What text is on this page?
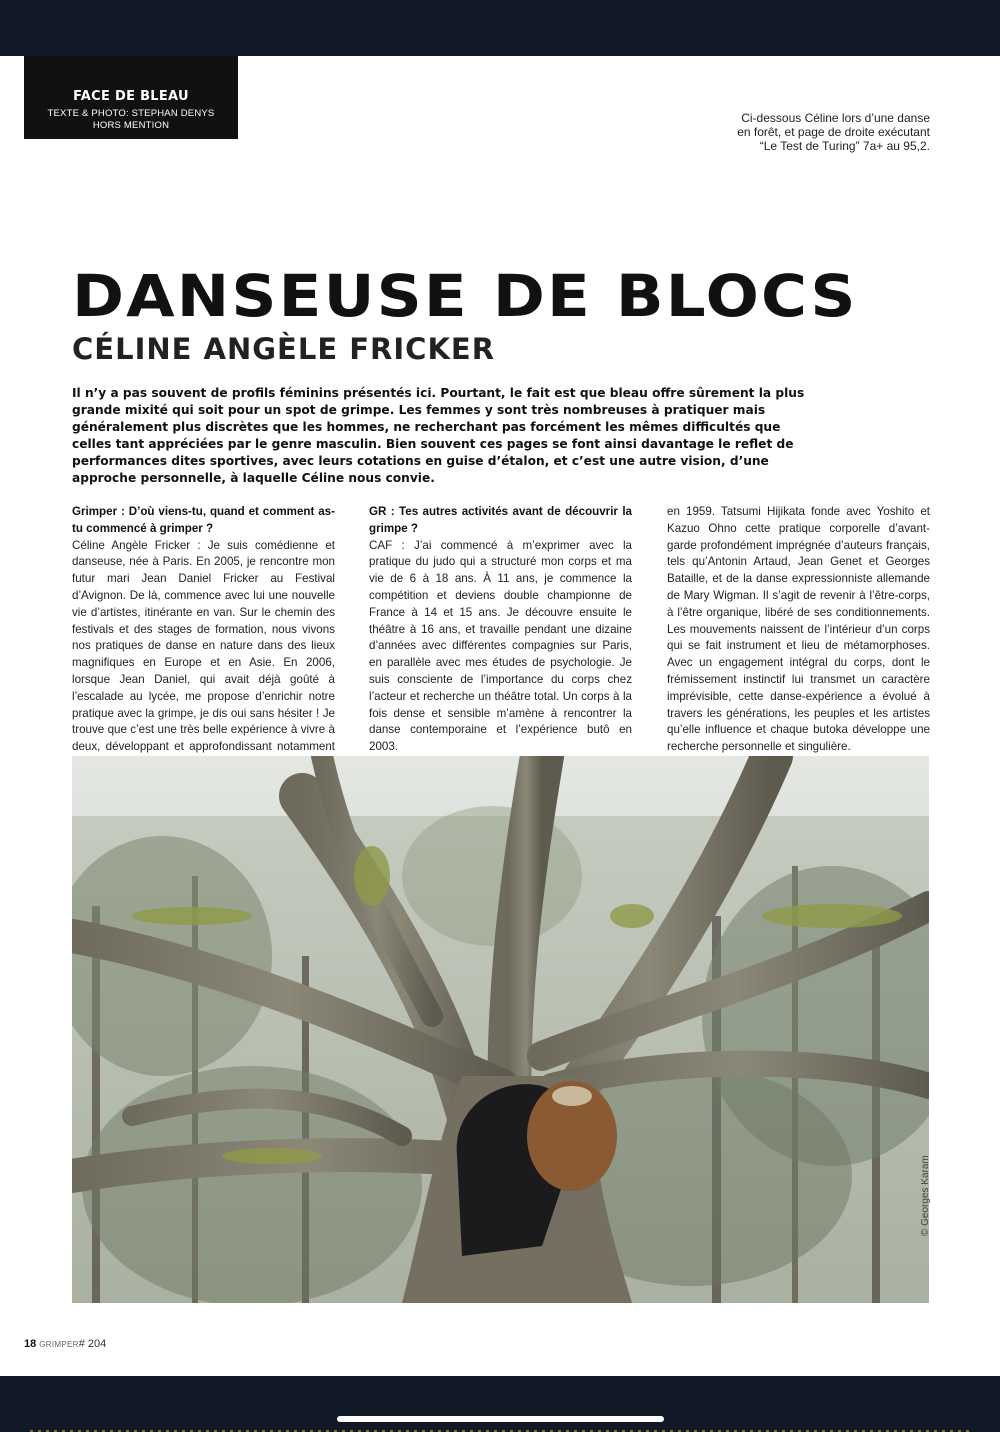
FACE DE BLEAU
TEXTE & PHOTO: STEPHAN DENYS
HORS MENTION
Ci-dessous Céline lors d’une danse
en forêt, et page de droite exécutant
“Le Test de Turing” 7a+ au 95,2.
DANSEUSE DE BLOCS
CÉLINE ANGÈLE FRICKER

Il n’y a pas souvent de profils féminins présentés ici. Pourtant, le fait est que bleau offre sûrement la plus grande mixité qui soit pour un spot de grimpe. Les femmes y sont très nombreuses à pratiquer mais généralement plus discrètes que les hommes, ne recherchant pas forcément les mêmes difficultés que celles tant appréciées par le genre masculin. Bien souvent ces pages se font ainsi davantage le reflet de performances dites sportives, avec leurs cotations en guise d’étalon, et c’est une autre vision, d’une approche personnelle, à laquelle Céline nous convie.

Grimper : D’où viens-tu, quand et comment as-tu commencé à grimper ?

Céline Angèle Fricker : Je suis comédienne et danseuse, née à Paris. En 2005, je rencontre mon futur mari Jean Daniel Fricker au Festival d’Avignon. De là, commence avec lui une nouvelle vie d’artistes, itinérante en van. Sur le chemin des festivals et des stages de formation, nous vivons nos pratiques de danse en nature dans des lieux magnifiques en Europe et en Asie. En 2006, lorsque Jean Daniel, qui avait déjà goûté à l’escalade au lycée, me propose d’enrichir notre pratique avec la grimpe, je dis oui sans hésiter ! Je trouve que c’est une très belle expérience à vivre à deux, développant et approfondissant notamment

GR : Tes autres activités avant de découvrir la grimpe ?

CAF : J’ai commencé à m’exprimer avec la pratique du judo qui a structuré mon corps et ma vie de 6 à 18 ans. À 11 ans, je commence la compétition et deviens double championne de France à 14 et 15 ans. Je découvre ensuite le théâtre à 16 ans, et travaille pendant une dizaine d’années avec différentes compagnies sur Paris, en parallèle avec mes études de psychologie. Je suis consciente de l’importance du corps chez l’acteur et recherche un théâtre total. Un corps à la fois dense et sensible m’amène à rencontrer la danse contemporaine et l’expérience butô en 2003.

en 1959. Tatsumi Hijikata fonde avec Yoshito et Kazuo Ohno cette pratique corporelle d’avant-garde profondément imprégnée d’auteurs français, tels qu’Antonin Artaud, Jean Genet et Georges Bataille, et de la danse expressionniste allemande de Mary Wigman. Il s’agit de revenir à l’être-corps, à l’être organique, libéré de ses conditionnements. Les mouvements naissent de l’intérieur d’un corps qui se fait instrument et lieu de métamorphoses. Avec un engagement intégral du corps, dont le frémissement instinctif lui transmet un caractère imprévisible, cette danse-expérience a évolué à travers les générations, les peuples et les artistes qu’elle influence et chaque butoka développe une recherche personnelle et singulière.

© Georges Karam
18 GRIMPER# 204
